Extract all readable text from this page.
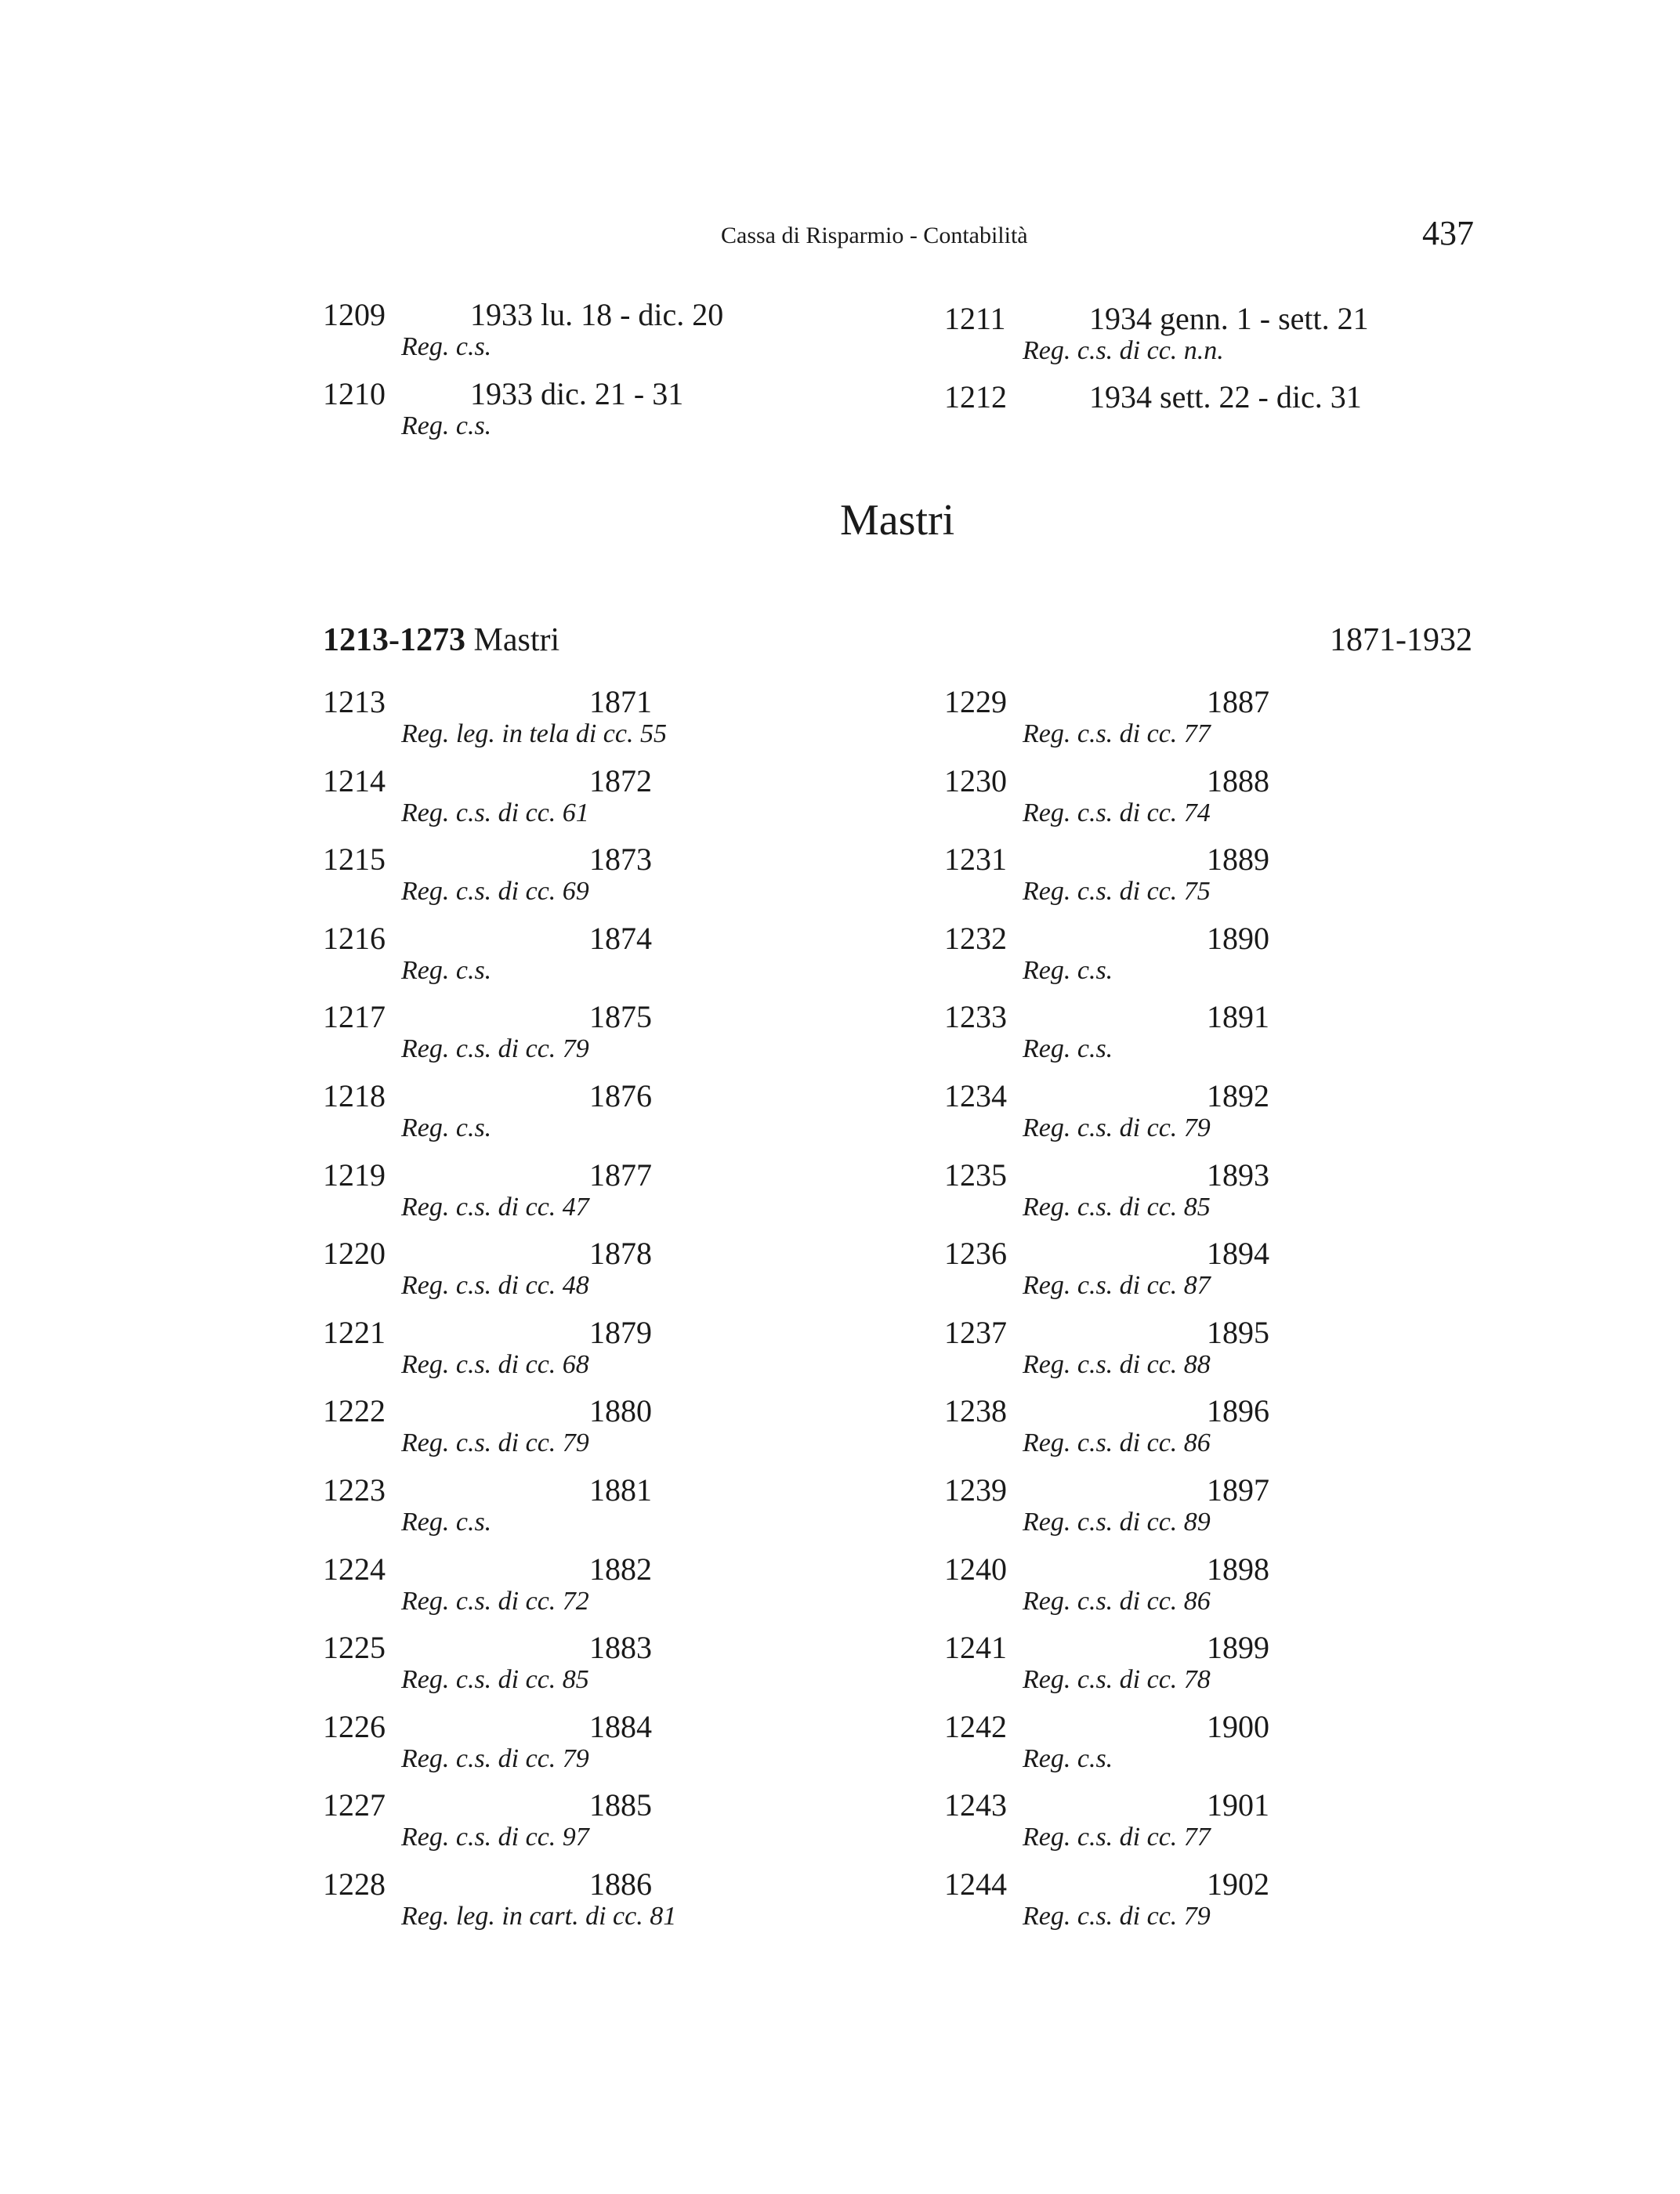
Cassa di Risparmio - Contabilità	437
1209	1933 lu. 18 - dic. 20
Reg. c.s.
1210	1933 dic. 21 - 31
Reg. c.s.
1211	1934 genn. 1 - sett. 21
Reg. c.s. di cc. n.n.
1212	1934 sett. 22 - dic. 31
Mastri
1213-1273 Mastri	1871-1932
1213	1871
Reg. leg. in tela di cc. 55
1214	1872
Reg. c.s. di cc. 61
1215	1873
Reg. c.s. di cc. 69
1216	1874
Reg. c.s.
1217	1875
Reg. c.s. di cc. 79
1218	1876
Reg. c.s.
1219	1877
Reg. c.s. di cc. 47
1220	1878
Reg. c.s. di cc. 48
1221	1879
Reg. c.s. di cc. 68
1222	1880
Reg. c.s. di cc. 79
1223	1881
Reg. c.s.
1224	1882
Reg. c.s. di cc. 72
1225	1883
Reg. c.s. di cc. 85
1226	1884
Reg. c.s. di cc. 79
1227	1885
Reg. c.s. di cc. 97
1228	1886
Reg. leg. in cart. di cc. 81
1229	1887
Reg. c.s. di cc. 77
1230	1888
Reg. c.s. di cc. 74
1231	1889
Reg. c.s. di cc. 75
1232	1890
Reg. c.s.
1233	1891
Reg. c.s.
1234	1892
Reg. c.s. di cc. 79
1235	1893
Reg. c.s. di cc. 85
1236	1894
Reg. c.s. di cc. 87
1237	1895
Reg. c.s. di cc. 88
1238	1896
Reg. c.s. di cc. 86
1239	1897
Reg. c.s. di cc. 89
1240	1898
Reg. c.s. di cc. 86
1241	1899
Reg. c.s. di cc. 78
1242	1900
Reg. c.s.
1243	1901
Reg. c.s. di cc. 77
1244	1902
Reg. c.s. di cc. 79
